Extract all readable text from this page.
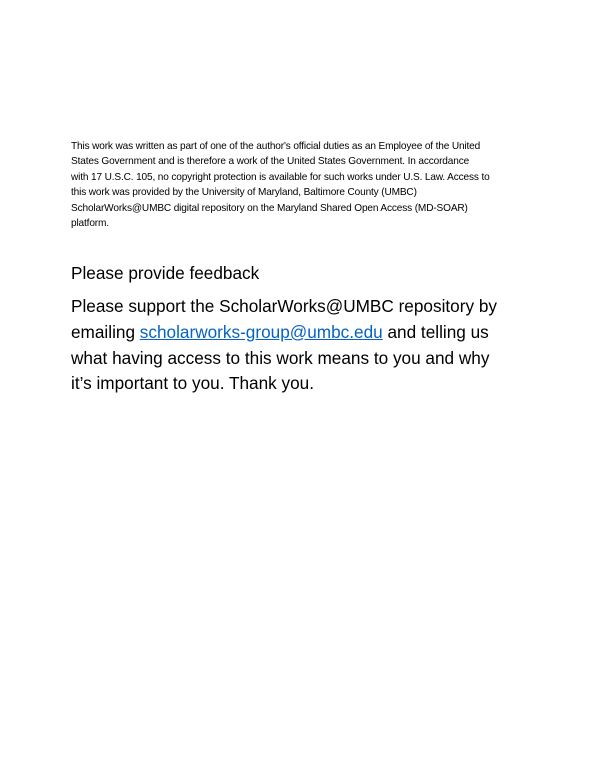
This work was written as part of one of the author's official duties as an Employee of the United
States Government and is therefore a work of the United States Government. In accordance
with 17 U.S.C. 105, no copyright protection is available for such works under U.S. Law. Access to
this work was provided by the University of Maryland, Baltimore County (UMBC)
ScholarWorks@UMBC digital repository on the Maryland Shared Open Access (MD-SOAR)
platform.

Please provide feedback

Please support the ScholarWorks@UMBC repository by
emailing scholarworks-group@umbc.edu and telling us
what having access to this work means to you and why
it’s important to you. Thank you.
